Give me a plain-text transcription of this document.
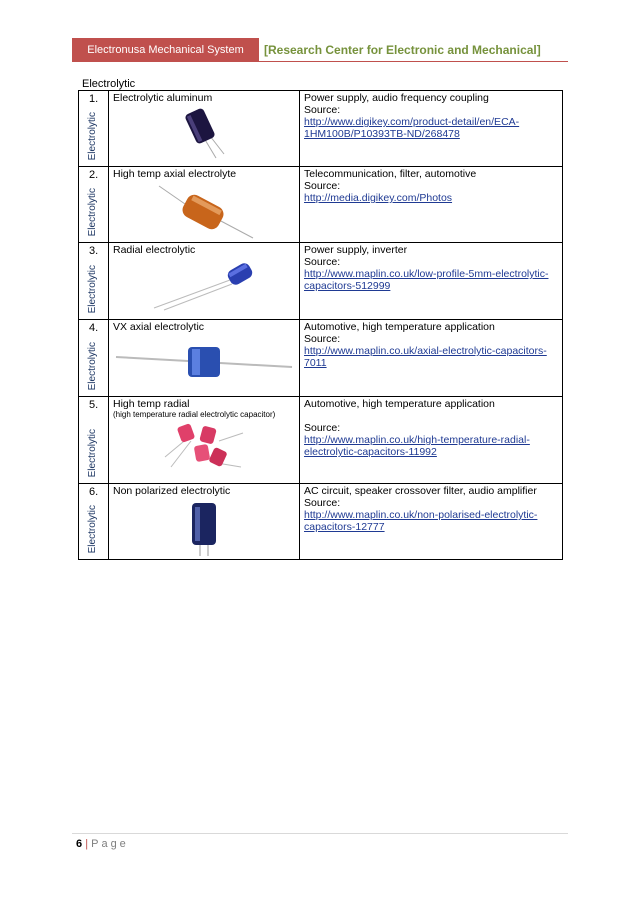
Electronusa Mechanical System	[Research Center for Electronic and Mechanical]
Electrolytic
1.
Electrolytic	Electrolytic aluminum	Power supply, audio frequency coupling
Source:
http://www.digikey.com/product-detail/en/ECA-1HM100B/P10393TB-ND/268478

2.
Electrolytic	High temp axial electrolyte	Telecommunication, filter, automotive
Source:
http://media.digikey.com/Photos

3.
Electrolytic	Radial electrolytic	Power supply, inverter
Source:
http://www.maplin.co.uk/low-profile-5mm-electrolytic-capacitors-512999

4.
Electrolytic	VX axial electrolytic	Automotive, high temperature application
Source:
http://www.maplin.co.uk/axial-electrolytic-capacitors-7011

5.
Electrolytic	High temp radial
(high temperature radial electrolytic capacitor)	Automotive, high temperature application
Source:
http://www.maplin.co.uk/high-temperature-radial-electrolytic-capacitors-11992

6.
Electrolytic	Non polarized electrolytic	AC circuit, speaker crossover filter, audio amplifier
Source:
http://www.maplin.co.uk/non-polarised-electrolytic-capacitors-12777
6 | Page
